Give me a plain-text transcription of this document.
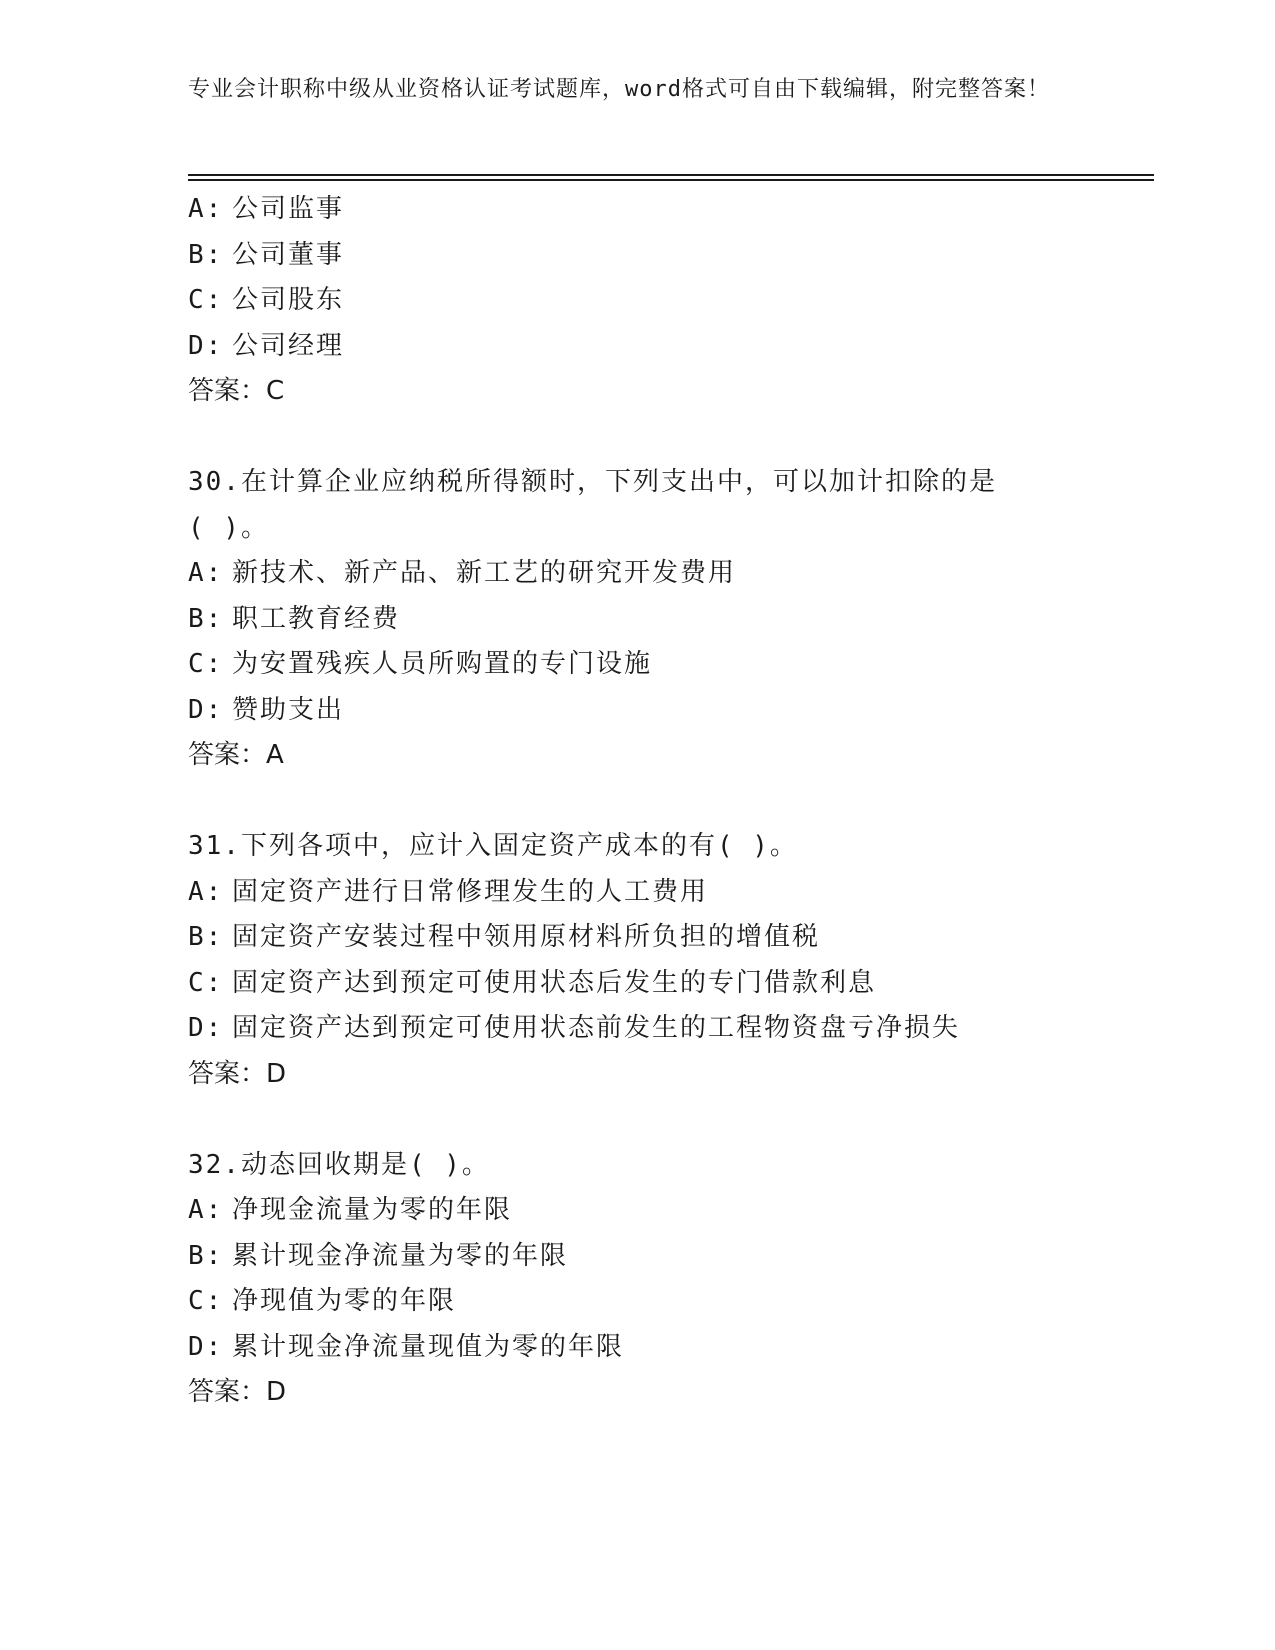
专业会计职称中级从业资格认证考试题库，word格式可自由下载编辑，附完整答案！
A: 公司监事
B: 公司董事
C: 公司股东
D: 公司经理
答案：C
30.在计算企业应纳税所得额时，下列支出中，可以加计扣除的是
( )。
A: 新技术、新产品、新工艺的研究开发费用
B: 职工教育经费
C: 为安置残疾人员所购置的专门设施
D: 赞助支出
答案：A
31.下列各项中，应计入固定资产成本的有( )。
A: 固定资产进行日常修理发生的人工费用
B: 固定资产安装过程中领用原材料所负担的增值税
C: 固定资产达到预定可使用状态后发生的专门借款利息
D: 固定资产达到预定可使用状态前发生的工程物资盘亏净损失
答案：D
32.动态回收期是( )。
A: 净现金流量为零的年限
B: 累计现金净流量为零的年限
C: 净现值为零的年限
D: 累计现金净流量现值为零的年限
答案：D
